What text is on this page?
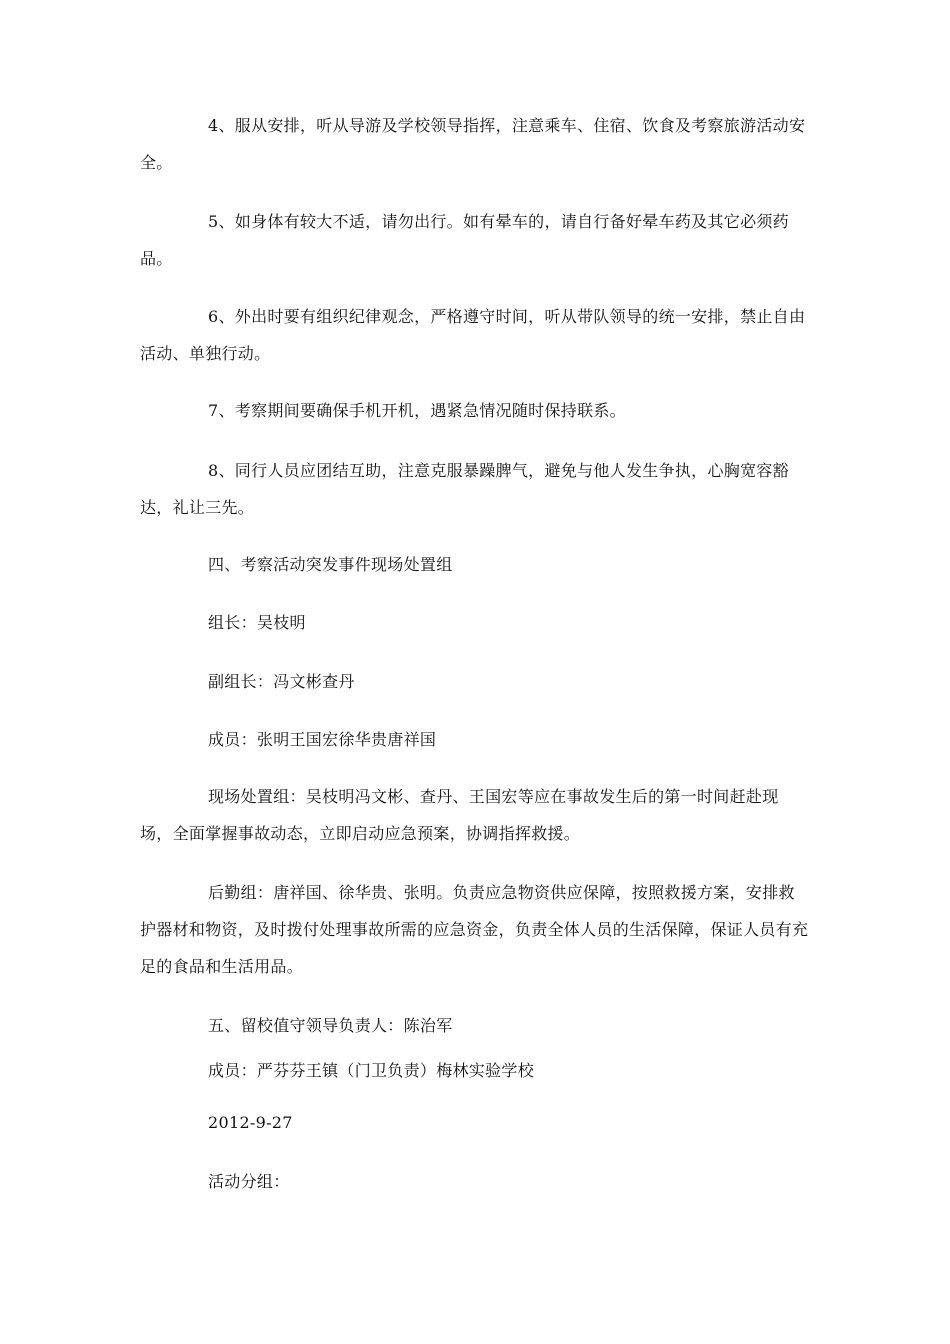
4、服从安排，听从导游及学校领导指挥，注意乘车、住宿、饮食及考察旅游活动安全。

5、如身体有较大不适，请勿出行。如有晕车的，请自行备好晕车药及其它必须药品。

6、外出时要有组织纪律观念，严格遵守时间，听从带队领导的统一安排，禁止自由活动、单独行动。

7、考察期间要确保手机开机，遇紧急情况随时保持联系。

8、同行人员应团结互助，注意克服暴躁脾气，避免与他人发生争执，心胸宽容豁达，礼让三先。

四、考察活动突发事件现场处置组

组长：吴枝明

副组长：冯文彬查丹

成员：张明王国宏徐华贵唐祥国

现场处置组：吴枝明冯文彬、查丹、王国宏等应在事故发生后的第一时间赶赴现场，全面掌握事故动态，立即启动应急预案，协调指挥救援。

后勤组：唐祥国、徐华贵、张明。负责应急物资供应保障，按照救援方案，安排救护器材和物资，及时拨付处理事故所需的应急资金，负责全体人员的生活保障，保证人员有充足的食品和生活用品。

五、留校值守领导负责人：陈治军

成员：严芬芬王镇（门卫负责）梅林实验学校

2012-9-27

活动分组：
